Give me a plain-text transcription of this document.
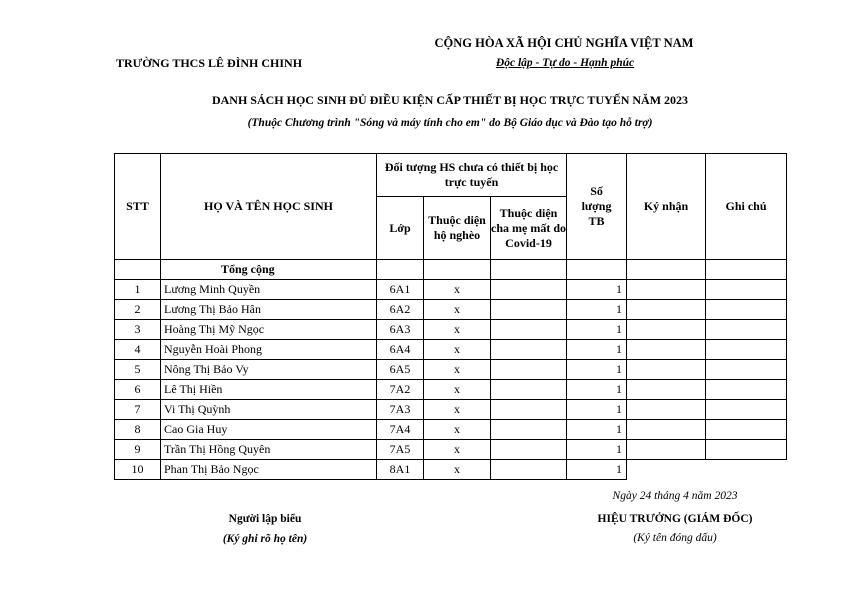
TRƯỜNG THCS LÊ ĐÌNH CHINH
CỘNG HÒA XÃ HỘI CHỦ NGHĨA VIỆT NAM
Độc lập - Tự do - Hạnh phúc
DANH SÁCH HỌC SINH ĐỦ ĐIỀU KIỆN CẤP THIẾT BỊ HỌC TRỰC TUYẾN NĂM 2023
(Thuộc Chương trình "Sóng và máy tính cho em" do Bộ Giáo dục và Đào tạo hỗ trợ)
STT	HỌ VÀ TÊN HỌC SINH	Đối tượng HS chưa có thiết bị học trực tuyến			Số lượng TB	Ký nhận	Ghi chú
		Lớp	Thuộc diện hộ nghèo	Thuộc diện cha mẹ mất do Covid-19			
	Tổng cộng						
1	Lương Minh Quyền	6A1	x		1		
2	Lương Thị Bảo Hân	6A2	x		1		
3	Hoàng Thị Mỹ Ngọc	6A3	x		1		
4	Nguyễn Hoài Phong	6A4	x		1		
5	Nông Thị Bảo Vy	6A5	x		1		
6	Lê Thị Hiền	7A2	x		1		
7	Vi Thị Quỳnh	7A3	x		1		
8	Cao Gia Huy	7A4	x		1		
9	Trần Thị Hồng Quyên	7A5	x		1		
10	Phan Thị Bảo Ngọc	8A1	x		1		
Ngày 24 tháng 4 năm 2023
Người lập biểu
(Ký ghi rõ họ tên)
HIỆU TRƯỞNG (GIÁM ĐỐC)
(Ký tên đóng dấu)
